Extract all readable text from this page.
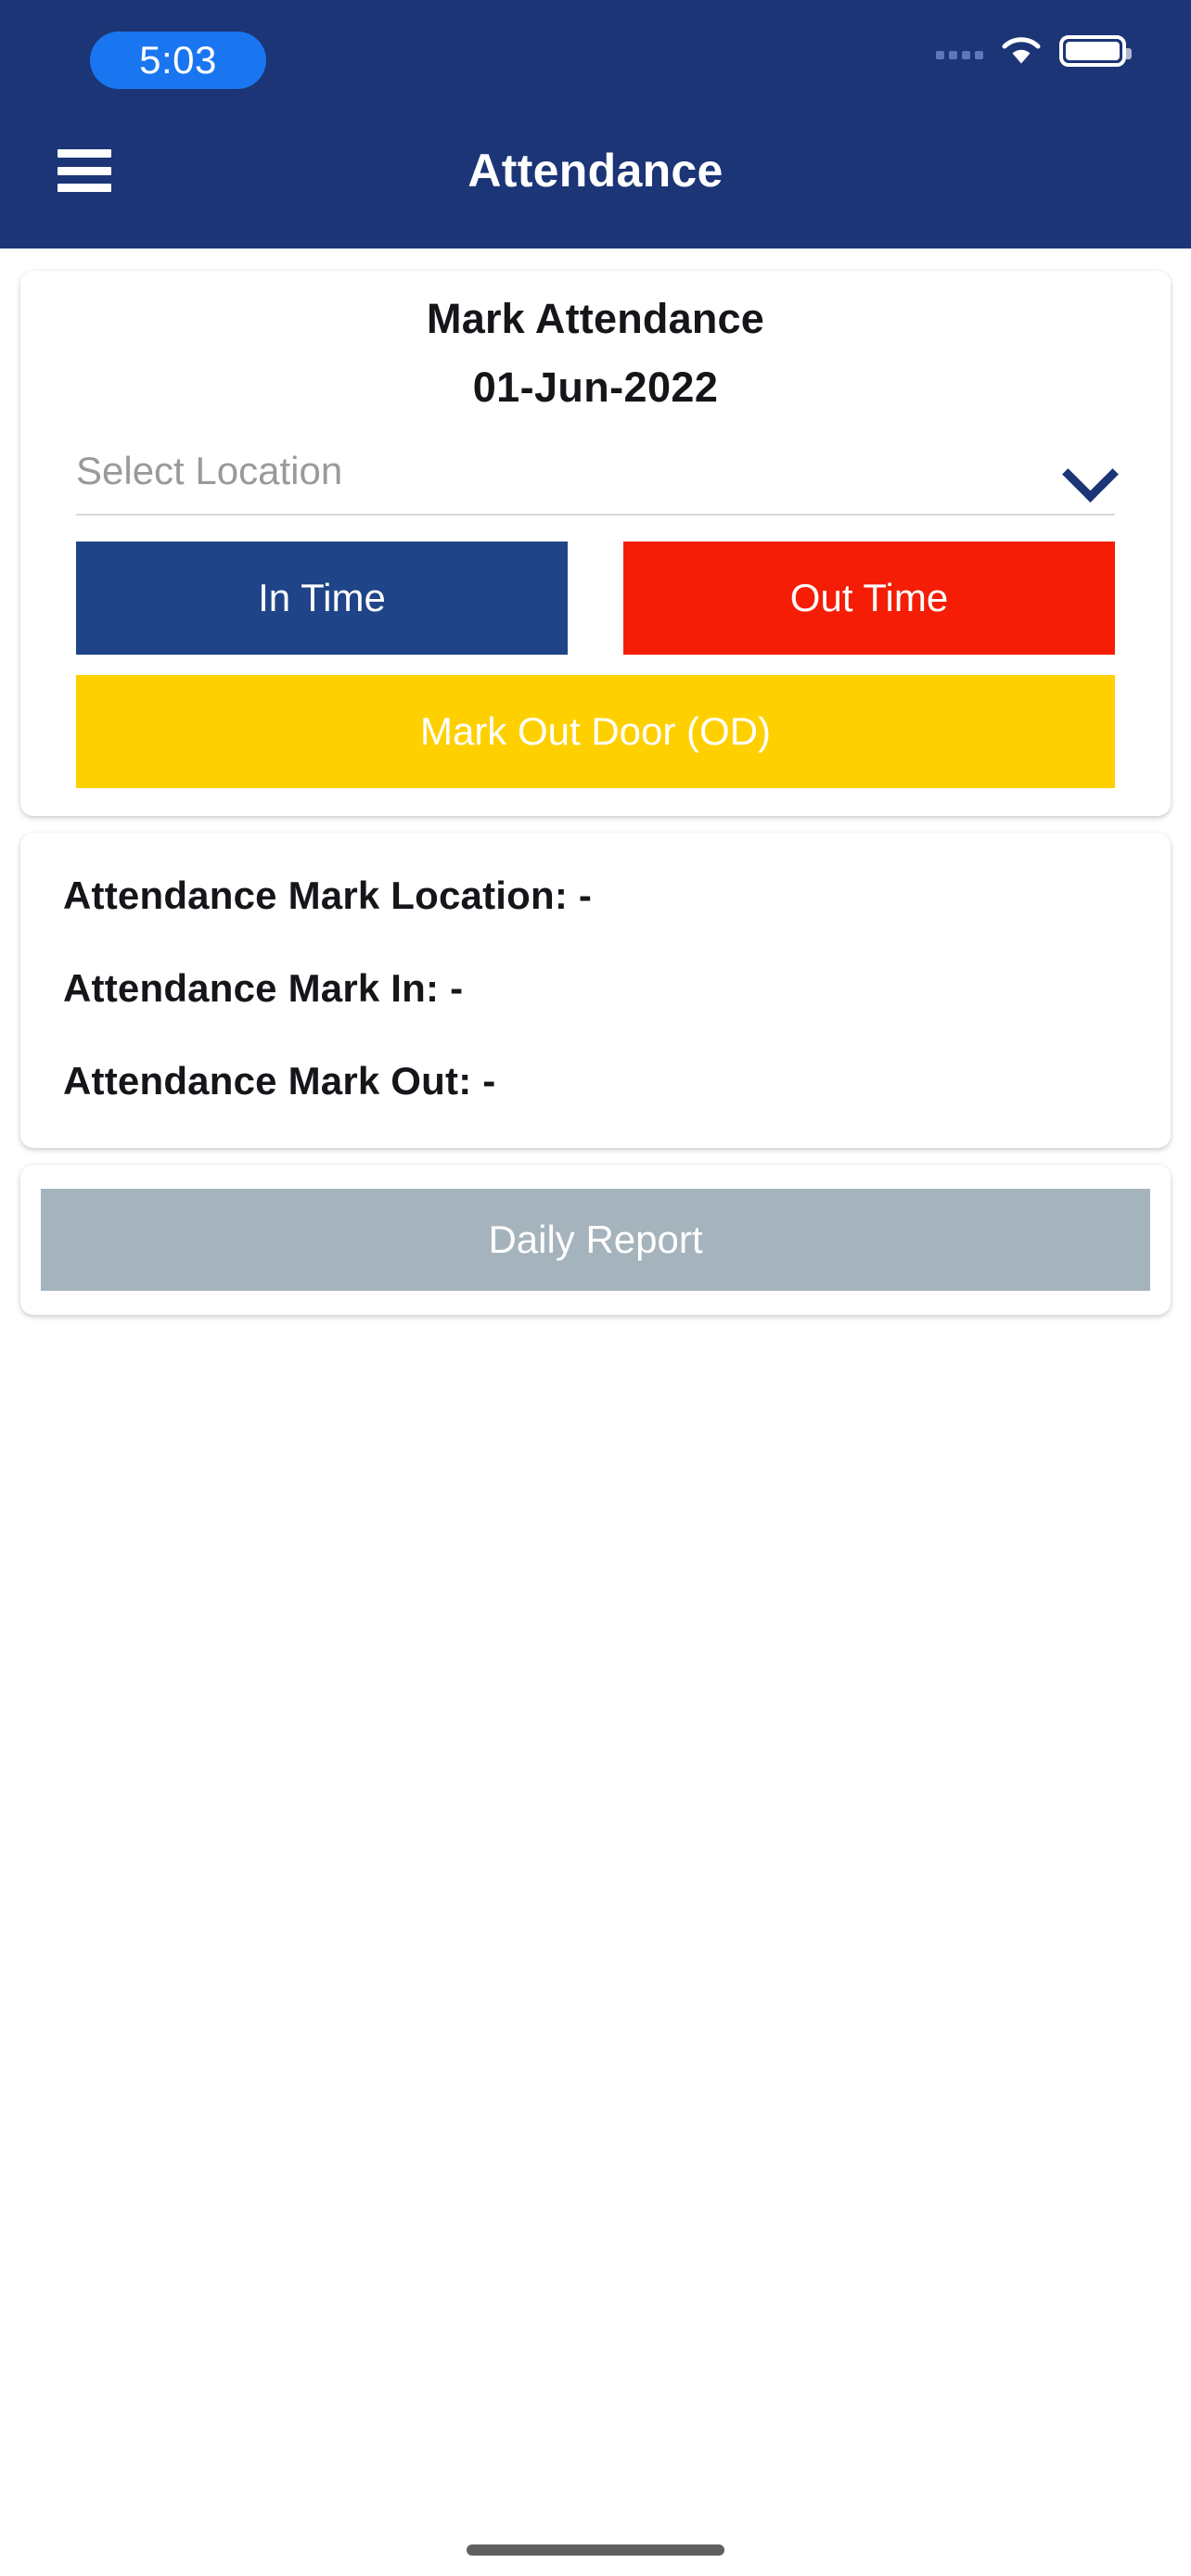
5:03
Attendance
Mark Attendance
01-Jun-2022
Select Location
In Time	Out Time
Mark Out Door (OD)
Attendance Mark Location: -
Attendance Mark In: -
Attendance Mark Out: -
Daily Report
